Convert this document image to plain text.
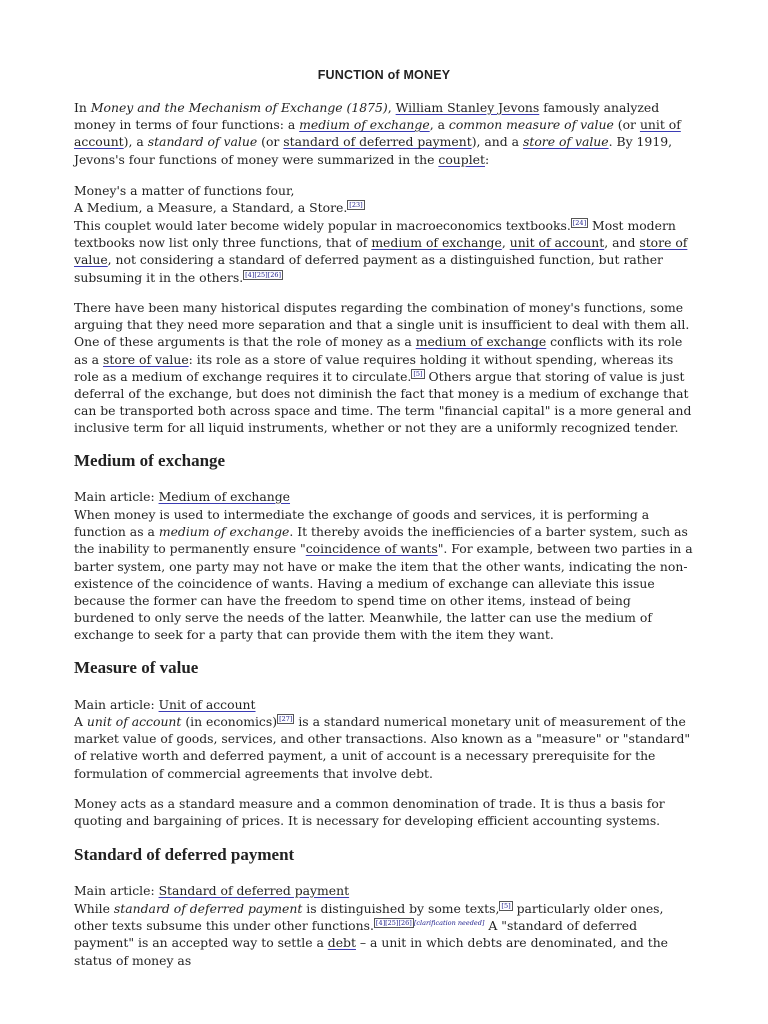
FUNCTION of MONEY

In Money and the Mechanism of Exchange (1875), William Stanley Jevons famously analyzed money in terms of four functions: a medium of exchange, a common measure of value (or unit of account), a standard of value (or standard of deferred payment), and a store of value. By 1919, Jevons's four functions of money were summarized in the couplet:

Money's a matter of functions four,
A Medium, a Measure, a Standard, a Store. [23]

This couplet would later become widely popular in macroeconomics textbooks. [24] Most modern textbooks now list only three functions, that of medium of exchange, unit of account, and store of value, not considering a standard of deferred payment as a distinguished function, but rather subsuming it in the others. [4][25][26]

There have been many historical disputes regarding the combination of money's functions, some arguing that they need more separation and that a single unit is insufficient to deal with them all. One of these arguments is that the role of money as a medium of exchange conflicts with its role as a store of value: its role as a store of value requires holding it without spending, whereas its role as a medium of exchange requires it to circulate. [5] Others argue that storing of value is just deferral of the exchange, but does not diminish the fact that money is a medium of exchange that can be transported both across space and time. The term "financial capital" is a more general and inclusive term for all liquid instruments, whether or not they are a uniformly recognized tender.

Medium of exchange
Main article: Medium of exchange

When money is used to intermediate the exchange of goods and services, it is performing a function as a medium of exchange. It thereby avoids the inefficiencies of a barter system, such as the inability to permanently ensure "coincidence of wants". For example, between two parties in a barter system, one party may not have or make the item that the other wants, indicating the non-existence of the coincidence of wants. Having a medium of exchange can alleviate this issue because the former can have the freedom to spend time on other items, instead of being burdened to only serve the needs of the latter. Meanwhile, the latter can use the medium of exchange to seek for a party that can provide them with the item they want.

Measure of value
Main article: Unit of account

A unit of account (in economics) [27] is a standard numerical monetary unit of measurement of the market value of goods, services, and other transactions. Also known as a "measure" or "standard" of relative worth and deferred payment, a unit of account is a necessary prerequisite for the formulation of commercial agreements that involve debt.

Money acts as a standard measure and a common denomination of trade. It is thus a basis for quoting and bargaining of prices. It is necessary for developing efficient accounting systems.

Standard of deferred payment
Main article: Standard of deferred payment

While standard of deferred payment is distinguished by some texts, [5] particularly older ones, other texts subsume this under other functions. [4][25][26] [clarification needed] A "standard of deferred payment" is an accepted way to settle a debt – a unit in which debts are denominated, and the status of money as
